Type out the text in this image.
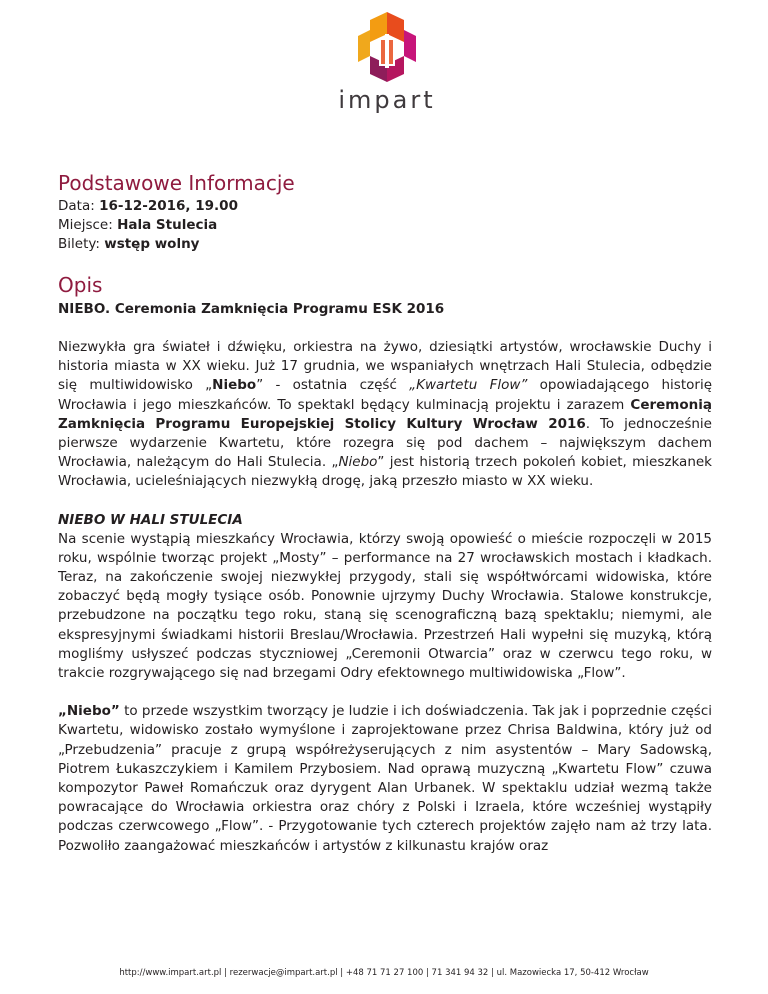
impart
Podstawowe Informacje
Data: 16-12-2016, 19.00
Miejsce: Hala Stulecia
Bilety: wstęp wolny
Opis
NIEBO. Ceremonia Zamknięcia Programu ESK 2016

Niezwykła gra świateł i dźwięku, orkiestra na żywo, dziesiątki artystów, wrocławskie Duchy i historia miasta w XX wieku. Już 17 grudnia, we wspaniałych wnętrzach Hali Stulecia, odbędzie się multiwidowisko „Niebo” - ostatnia część „Kwartetu Flow” opowiadającego historię Wrocławia i jego mieszkańców. To spektakl będący kulminacją projektu i zarazem Ceremonią Zamknięcia Programu Europejskiej Stolicy Kultury Wrocław 2016. To jednocześnie pierwsze wydarzenie Kwartetu, które rozegra się pod dachem – największym dachem Wrocławia, należącym do Hali Stulecia. „Niebo” jest historią trzech pokoleń kobiet, mieszkanek Wrocławia, ucieleśniających niezwykłą drogę, jaką przeszło miasto w XX wieku.

NIEBO W HALI STULECIA

Na scenie wystąpią mieszkańcy Wrocławia, którzy swoją opowieść o mieście rozpoczęli w 2015 roku, wspólnie tworząc projekt „Mosty” – performance na 27 wrocławskich mostach i kładkach. Teraz, na zakończenie swojej niezwykłej przygody, stali się współtwórcami widowiska, które zobaczyć będą mogły tysiące osób. Ponownie ujrzymy Duchy Wrocławia. Stalowe konstrukcje, przebudzone na początku tego roku, staną się scenograficzną bazą spektaklu; niemymi, ale ekspresyjnymi świadkami historii Breslau/Wrocławia. Przestrzeń Hali wypełni się muzyką, którą mogliśmy usłyszeć podczas styczniowej „Ceremonii Otwarcia” oraz w czerwcu tego roku, w trakcie rozgrywającego się nad brzegami Odry efektownego multiwidowiska „Flow”.

„Niebo” to przede wszystkim tworzący je ludzie i ich doświadczenia. Tak jak i poprzednie części Kwartetu, widowisko zostało wymyślone i zaprojektowane przez Chrisa Baldwina, który już od „Przebudzenia” pracuje z grupą współreżyserujących z nim asystentów – Mary Sadowską, Piotrem Łukaszczykiem i Kamilem Przybosiem. Nad oprawą muzyczną „Kwartetu Flow” czuwa kompozytor Paweł Romańczuk oraz dyrygent Alan Urbanek. W spektaklu udział wezmą także powracające do Wrocławia orkiestra oraz chóry z Polski i Izraela, które wcześniej wystąpiły podczas czerwcowego „Flow”. - Przygotowanie tych czterech projektów zajęło nam aż trzy lata. Pozwoliło zaangażować mieszkańców i artystów z kilkunastu krajów oraz

http://www.impart.art.pl | rezerwacje@impart.art.pl | +48 71 71 27 100 | 71 341 94 32 | ul. Mazowiecka 17, 50-412 Wrocław
